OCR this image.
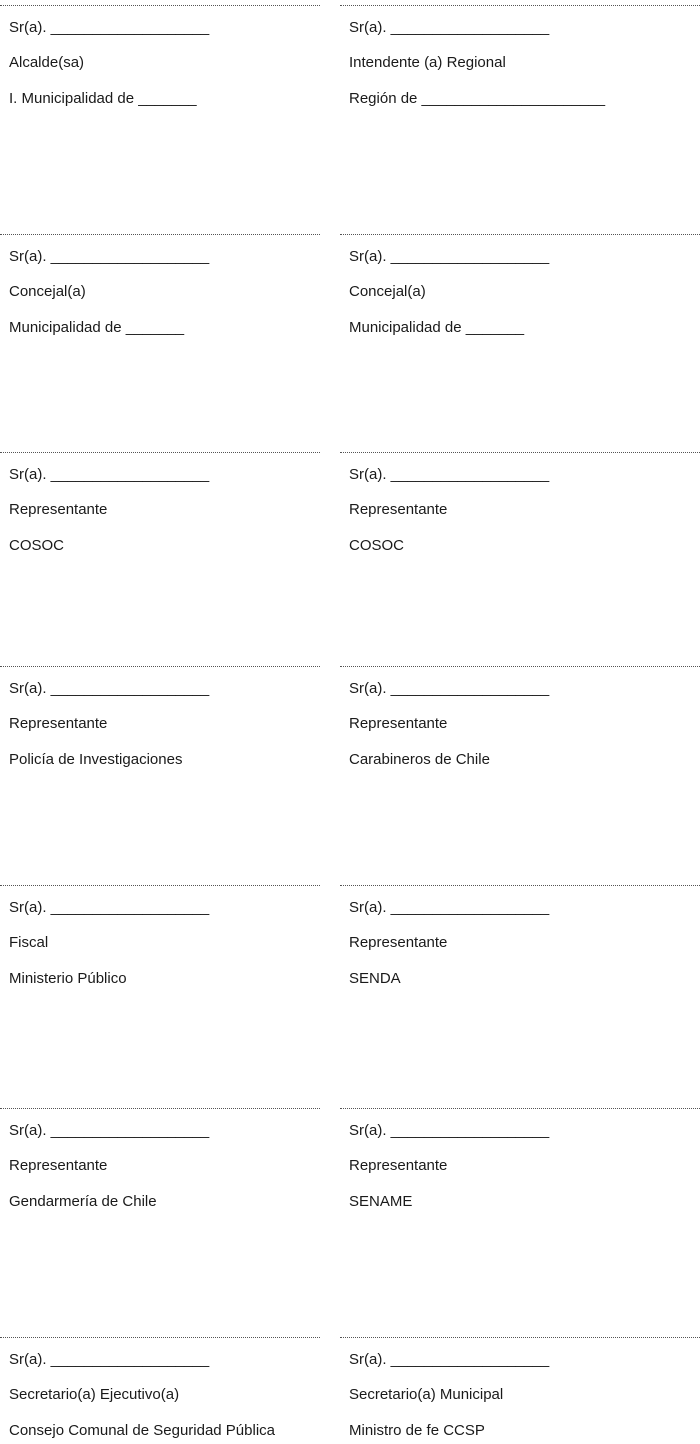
Sr(a). ___________________
Alcalde(sa)
I. Municipalidad de _______
Sr(a). ___________________
Intendente (a) Regional
Región de ______________________
Sr(a). ___________________
Concejal(a)
Municipalidad de _______
Sr(a). ___________________
Concejal(a)
Municipalidad de _______
Sr(a). ___________________
Representante
COSOC
Sr(a). ___________________
Representante
COSOC
Sr(a). ___________________
Representante
Policía de Investigaciones
Sr(a). ___________________
Representante
Carabineros de Chile
Sr(a). ___________________
Fiscal
Ministerio Público
Sr(a). ___________________
Representante
SENDA
Sr(a). ___________________
Representante
Gendarmería de Chile
Sr(a). ___________________
Representante
SENAME
Sr(a). ___________________
Secretario(a) Ejecutivo(a)
Consejo Comunal de Seguridad Pública
Sr(a). ___________________
Secretario(a) Municipal
Ministro de fe CCSP
